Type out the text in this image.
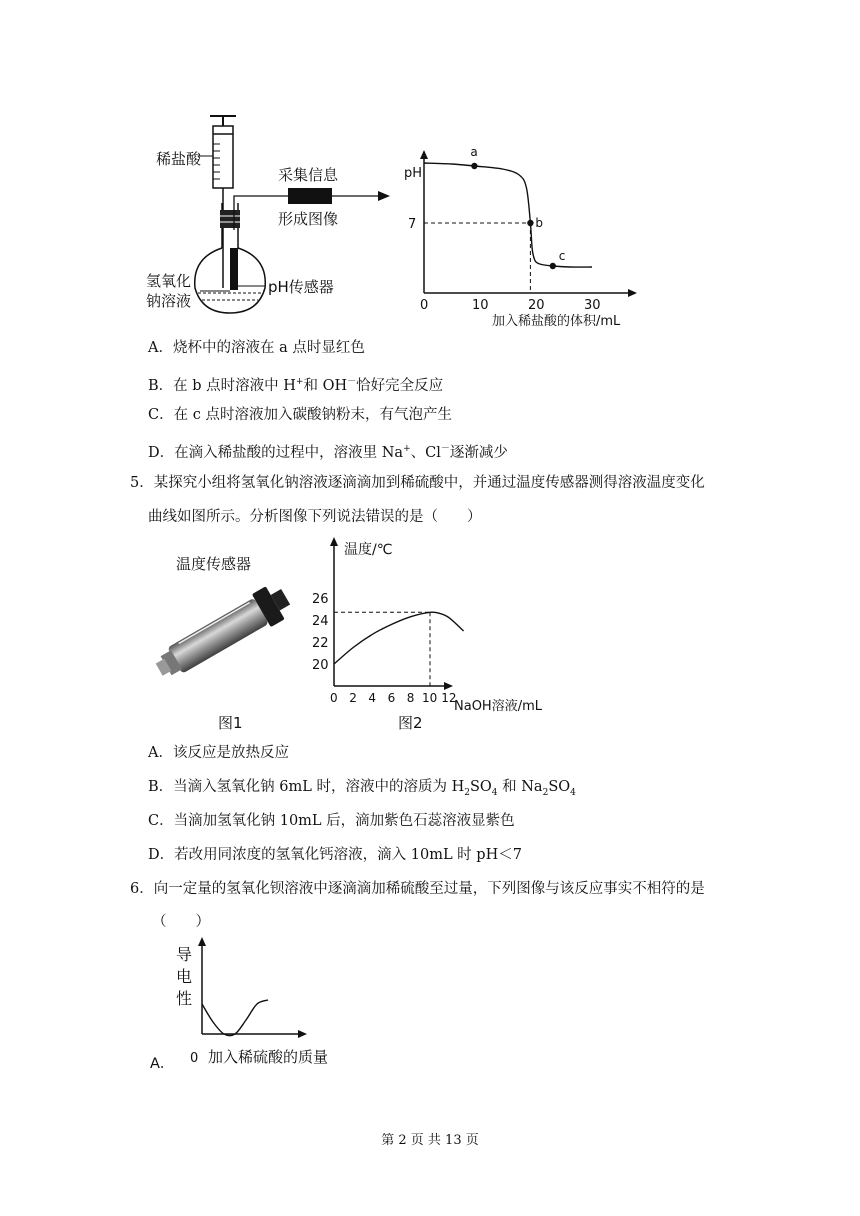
稀盐酸
采集信息
形成图像
氢氧化
钠溶液
pH传感器
pH
7
0	10	20	30
加入稀盐酸的体积/mL
a
b
c
A．烧杯中的溶液在 a 点时显红色
B．在 b 点时溶液中 H+和 OH－恰好完全反应
C．在 c 点时溶液加入碳酸钠粉末，有气泡产生
D．在滴入稀盐酸的过程中，溶液里 Na+、Cl－逐渐减少
5．某探究小组将氢氧化钠溶液逐滴滴加到稀硫酸中，并通过温度传感器测得溶液温度变化
曲线如图所示。分析图像下列说法错误的是（　　）
温度传感器
图1
温度/℃
20
22
24
26
0 2 4 6 8 10 12
NaOH溶液/mL
图2
A．该反应是放热反应
B．当滴入氢氧化钠 6mL 时，溶液中的溶质为 $H_2SO_4$ 和 $Na_2SO_4$
C．当滴加氢氧化钠 10mL 后，滴加紫色石蕊溶液显紫色
D．若改用同浓度的氢氧化钙溶液，滴入 10mL 时 pH＜7
6．向一定量的氢氧化钡溶液中逐滴滴加稀硫酸至过量，下列图像与该反应事实不相符的是
（　　）
导
电
性
0 加入稀硫酸的质量
A．
第 2 页 共 13 页
